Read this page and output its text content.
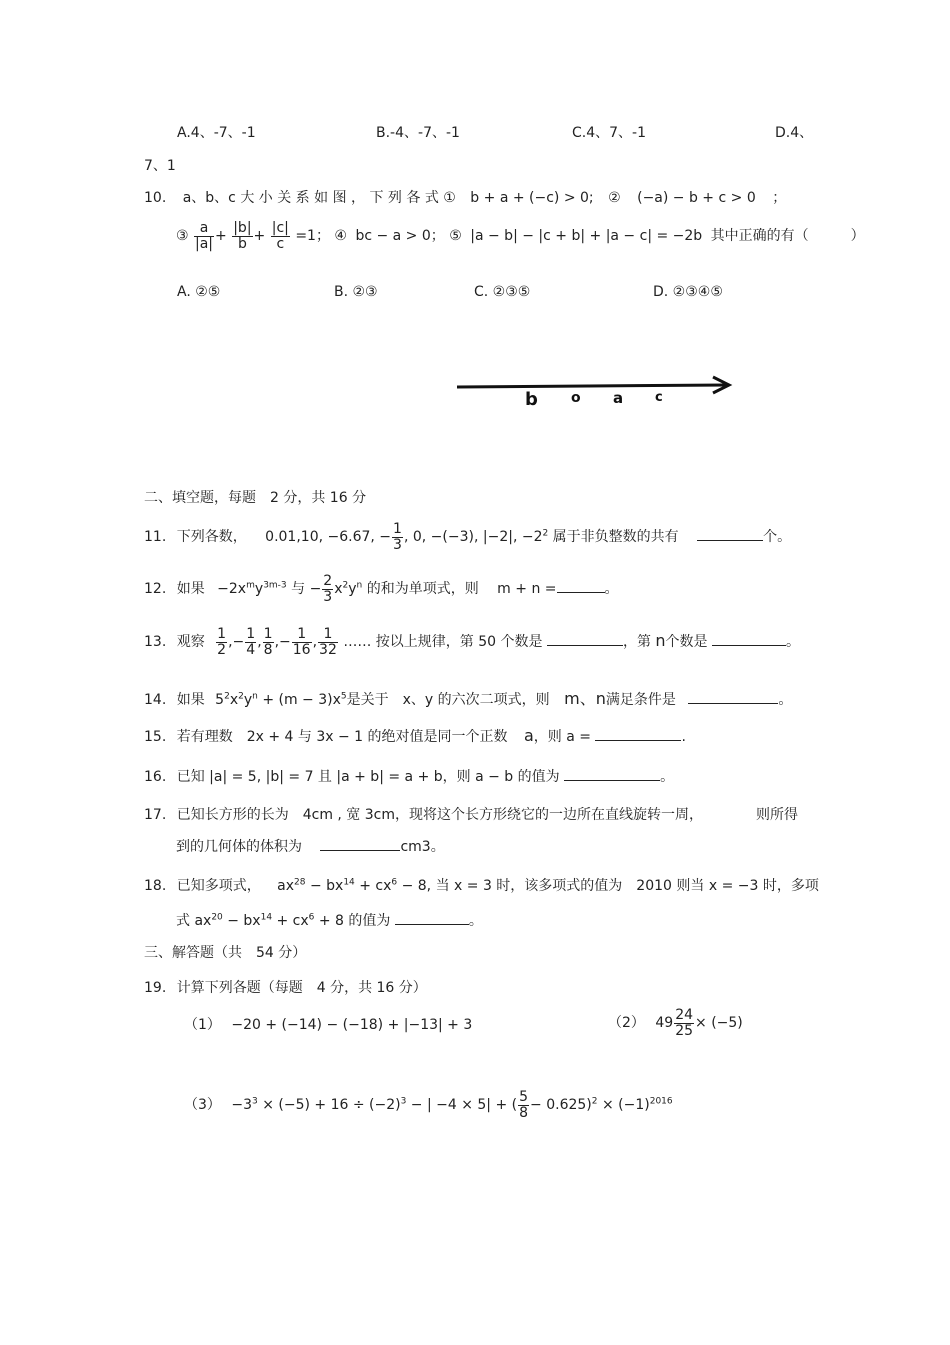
A.4、-7、-1	B.-4、-7、-1	C.4、7、-1	D.4、
7、1
10. a、b、c 大 小 关 系 如 图 ， 下 列 各 式 ① b + a + (−c) > 0; ② (−a) − b + c > 0 ；
③ $\frac{a}{|a|} + \frac{|b|}{b} + \frac{|c|}{c} =1$； ④ bc − a > 0； ⑤ |a − b| − |c + b| + |a − c| = −2b 其中正确的有（　　　）
A. ②⑤	B. ②③	C. ②③⑤	D. ②③④⑤
b o a c
二、填空题，每题　2 分，共 16 分
11. 下列各数， 0.01,10, −6.67, − $\frac{1}{3}$ , 0, −(−3), |−2|, $-2^2$ 属于非负整数的共有	个。
12. 如果 $-2x^my^{3m-3}$ 与 − $\frac{2}{3} x^2y^n$ 的和为单项式，则 m + n =	。
13. 观察 $\frac{1}{2}$ ,− $\frac{1}{4}$ , $\frac{1}{8}$ ,− $\frac{1}{16}$ , $\frac{1}{32}$ …… 按以上规律，第 50 个数是	，第 n个数是	。
14. 如果 $5^2x^2y^n + (m - 3)x^5$是关于　x、y 的六次二项式，则 m、n满足条件是	。
15. 若有理数　2x + 4 与 3x − 1 的绝对值是同一个正数 a，则 a =	.
16. 已知 |a| = 5, |b| = 7 且 |a + b| = a + b，则 a − b 的值为	。
17. 已知长方形的长为　4cm , 宽 3cm，现将这个长方形绕它的一边所在直线旋转一周，	则所得
到的几何体的体积为	cm3。
18. 已知多项式， $ax^{28} - bx^{14} + cx^6 - 8$, 当 x = 3 时，该多项式的值为　2010 则当 x = −3 时，多项
式 $ax^{20} - bx^{14} + cx^6 + 8$ 的值为	。
三、解答题（共　54 分）
19. 计算下列各题（每题　4 分，共 16 分）
（1） −20 + (−14) − (−18) + |−13| + 3	（2） $49 \frac{24}{25} \times (-5)$
$(3) -3^3 \times (-5) + 16 \div (-2)^3$ − | −4 × 5| + ( $\frac{5}{8} - 0.625)^2 \times (-1)^{2016}$
